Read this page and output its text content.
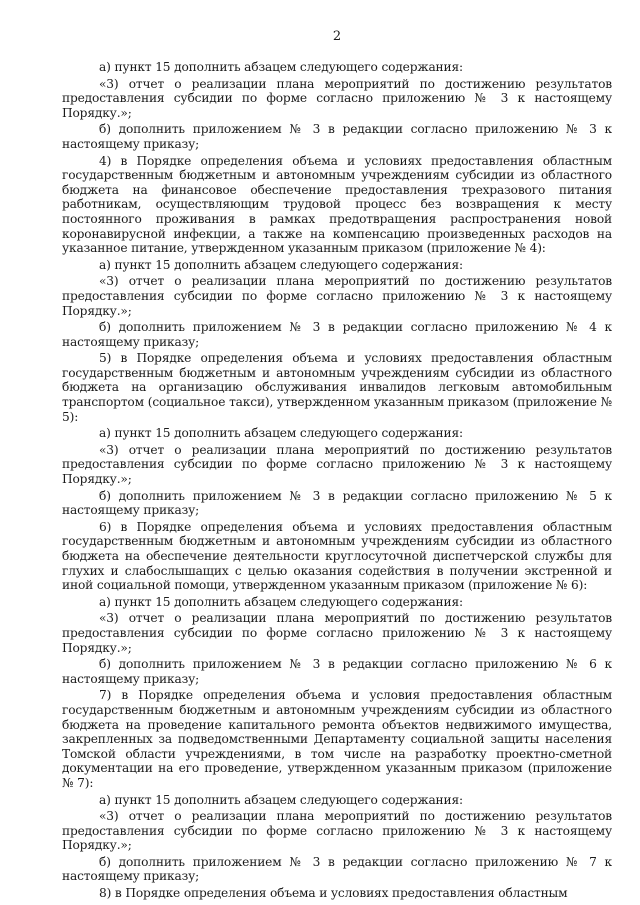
2

а) пункт 15 дополнить абзацем следующего содержания:

«3) отчет о реализации плана мероприятий по достижению результатов предоставления субсидии по форме согласно приложению № 3 к настоящему Порядку.»;

б) дополнить приложением № 3 в редакции согласно приложению № 3 к настоящему приказу;

4) в Порядке определения объема и условиях предоставления областным государственным бюджетным и автономным учреждениям субсидии из областного бюджета на финансовое обеспечение предоставления трехразового питания работникам, осуществляющим трудовой процесс без возвращения к месту постоянного проживания в рамках предотвращения распространения новой коронавирусной инфекции, а также на компенсацию произведенных расходов на указанное питание, утвержденном указанным приказом (приложение № 4):

а) пункт 15 дополнить абзацем следующего содержания:

«3) отчет о реализации плана мероприятий по достижению результатов предоставления субсидии по форме согласно приложению № 3 к настоящему Порядку.»;

б) дополнить приложением № 3 в редакции согласно приложению № 4 к настоящему приказу;

5) в Порядке определения объема и условиях предоставления областным государственным бюджетным и автономным учреждениям субсидии из областного бюджета на организацию обслуживания инвалидов легковым автомобильным транспортом (социальное такси), утвержденном указанным приказом (приложение № 5):

а) пункт 15 дополнить абзацем следующего содержания:

«3) отчет о реализации плана мероприятий по достижению результатов предоставления субсидии по форме согласно приложению № 3 к настоящему Порядку.»;

б) дополнить приложением № 3 в редакции согласно приложению № 5 к настоящему приказу;

6) в Порядке определения объема и условиях предоставления областным государственным бюджетным и автономным учреждениям субсидии из областного бюджета на обеспечение деятельности круглосуточной диспетчерской службы для глухих и слабослышащих с целью оказания содействия в получении экстренной и иной социальной помощи, утвержденном указанным приказом (приложение № 6):

а) пункт 15 дополнить абзацем следующего содержания:

«3) отчет о реализации плана мероприятий по достижению результатов предоставления субсидии по форме согласно приложению № 3 к настоящему Порядку.»;

б) дополнить приложением № 3 в редакции согласно приложению № 6 к настоящему приказу;

7) в Порядке определения объема и условия предоставления областным государственным бюджетным и автономным учреждениям субсидии из областного бюджета на проведение капитального ремонта объектов недвижимого имущества, закрепленных за подведомственными Департаменту социальной защиты населения Томской области учреждениями, в том числе на разработку проектно-сметной документации на его проведение, утвержденном указанным приказом (приложение № 7):

а) пункт 15 дополнить абзацем следующего содержания:

«3) отчет о реализации плана мероприятий по достижению результатов предоставления субсидии по форме согласно приложению № 3 к настоящему Порядку.»;

б) дополнить приложением № 3 в редакции согласно приложению № 7 к настоящему приказу;

8) в Порядке определения объема и условиях предоставления областным
